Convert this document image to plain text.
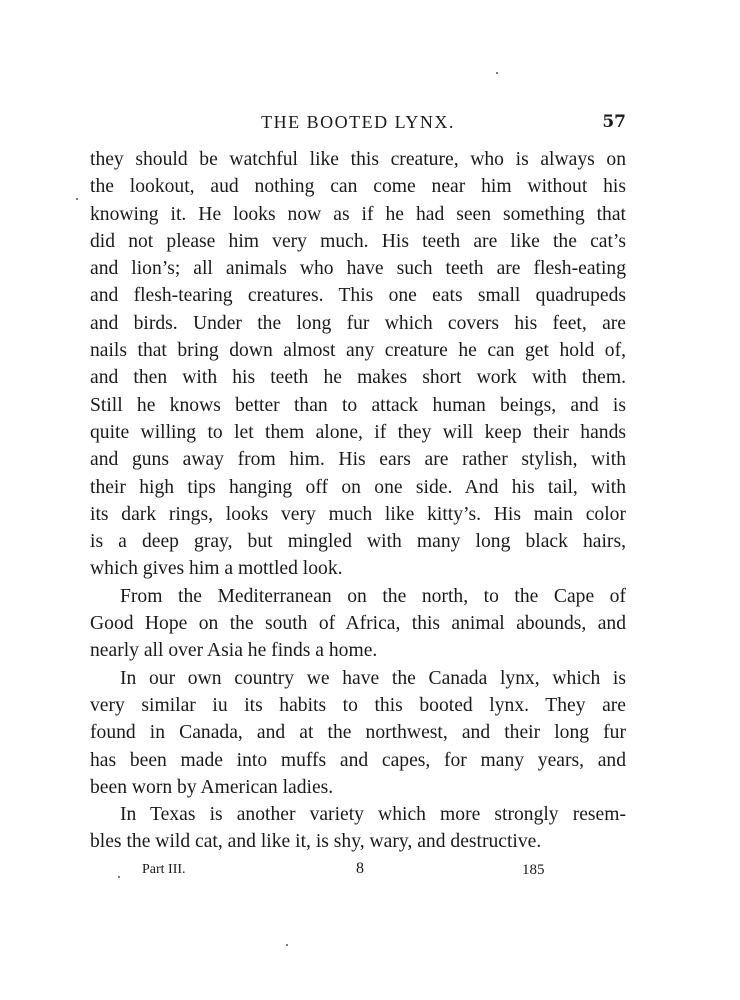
THE BOOTED LYNX.	57
they should be watchful like this creature, who is always on
the lookout, aud nothing can come near him without his
knowing it. He looks now as if he had seen something that
did not please him very much. His teeth are like the cat’s
and lion’s; all animals who have such teeth are flesh-eating
and flesh-tearing creatures. This one eats small quadrupeds
and birds. Under the long fur which covers his feet, are
nails that bring down almost any creature he can get hold of,
and then with his teeth he makes short work with them.
Still he knows better than to attack human beings, and is
quite willing to let them alone, if they will keep their hands
and guns away from him. His ears are rather stylish, with
their high tips hanging off on one side. And his tail, with
its dark rings, looks very much like kitty’s. His main color
is a deep gray, but mingled with many long black hairs,
which gives him a mottled look.
From the Mediterranean on the north, to the Cape of
Good Hope on the south of Africa, this animal abounds, and
nearly all over Asia he finds a home.
In our own country we have the Canada lynx, which is
very similar iu its habits to this booted lynx. They are
found in Canada, and at the northwest, and their long fur
has been made into muffs and capes, for many years, and
been worn by American ladies.
In Texas is another variety which more strongly resem-
bles the wild cat, and like it, is shy, wary, and destructive.
Part III.	8	185
